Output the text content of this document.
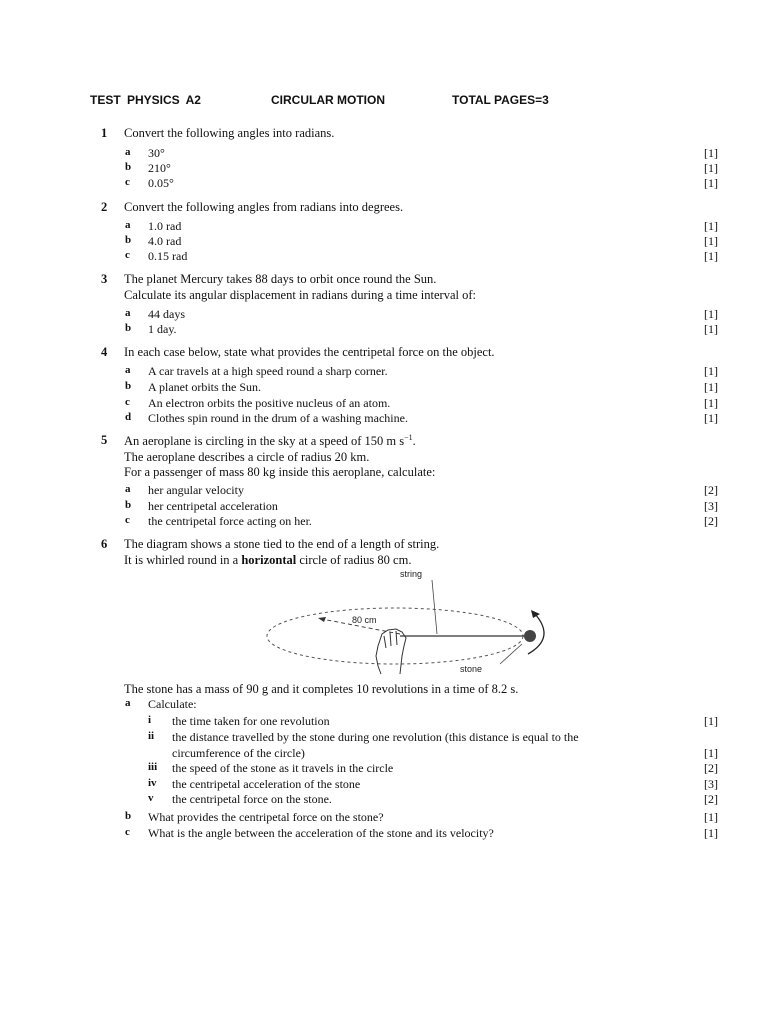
TEST PHYSICS A2	CIRCULAR MOTION	TOTAL PAGES=3
1 Convert the following angles into radians.
a 30°	[1]
b 210°	[1]
c 0.05°	[1]
2 Convert the following angles from radians into degrees.
a 1.0 rad	[1]
b 4.0 rad	[1]
c 0.15 rad	[1]
3 The planet Mercury takes 88 days to orbit once round the Sun.
Calculate its angular displacement in radians during a time interval of:
a 44 days	[1]
b 1 day.	[1]
4 In each case below, state what provides the centripetal force on the object.
a A car travels at a high speed round a sharp corner.	[1]
b A planet orbits the Sun.	[1]
c An electron orbits the positive nucleus of an atom.	[1]
d Clothes spin round in the drum of a washing machine.	[1]
5 An aeroplane is circling in the sky at a speed of 150 m $s^{-1}$.
The aeroplane describes a circle of radius 20 km.
For a passenger of mass 80 kg inside this aeroplane, calculate:
a her angular velocity	[2]
b her centripetal acceleration	[3]
c the centripetal force acting on her.	[2]
6 The diagram shows a stone tied to the end of a length of string.
It is whirled round in a horizontal circle of radius 80 cm.
80 cm
string
stone
The stone has a mass of 90 g and it completes 10 revolutions in a time of 8.2 s.
a Calculate:
i the time taken for one revolution	[1]
ii the distance travelled by the stone during one revolution (this distance is equal to the
circumference of the circle)	[1]
iii the speed of the stone as it travels in the circle	[2]
iv the centripetal acceleration of the stone	[3]
v the centripetal force on the stone.	[2]
b What provides the centripetal force on the stone?	[1]
c What is the angle between the acceleration of the stone and its velocity?	[1]
